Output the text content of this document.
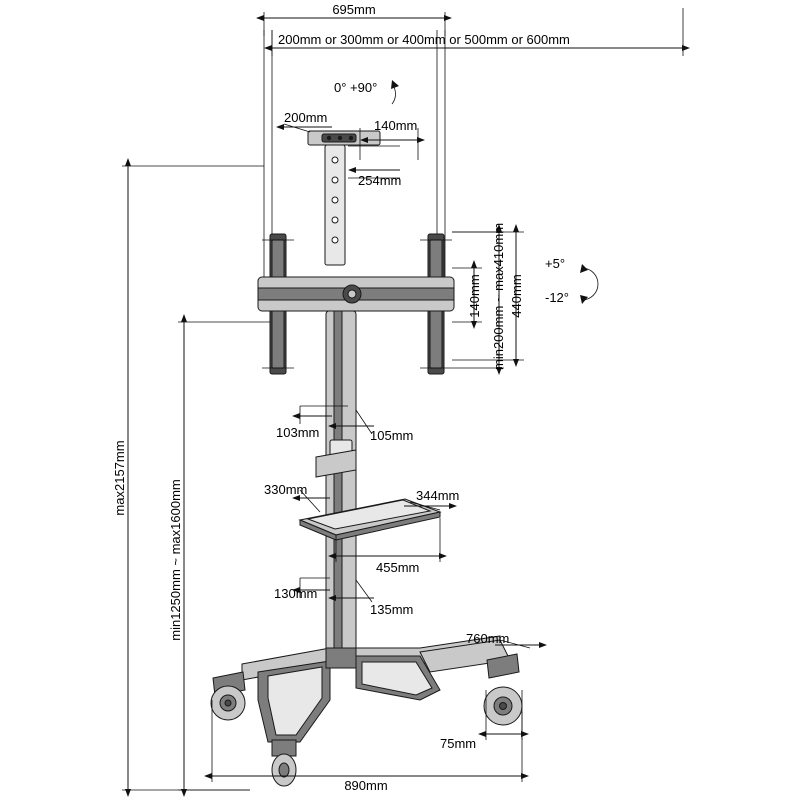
695mm
200mm or 300mm or 400mm or 500mm or 600mm
0° +90°
200mm
140mm
254mm
140mm 440mm
min200mm ~ max410mm	+5°
-12°
103mm	105mm
330mm	344mm
455mm
130mm
135mm
760mm
75mm
890mm
max2157mm
min1250mm ~ max1600mm
